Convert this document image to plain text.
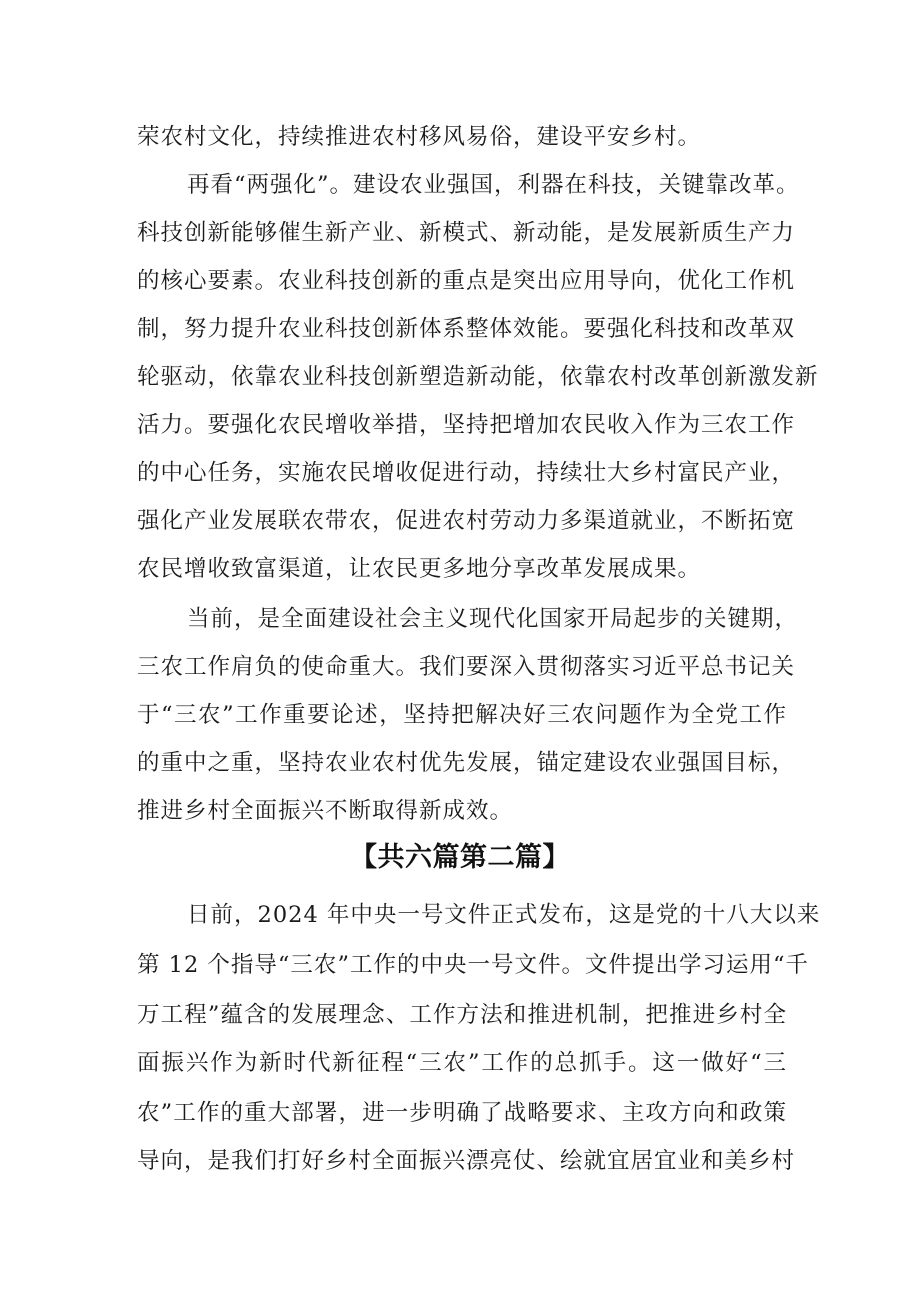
荣农村文化，持续推进农村移风易俗，建设平安乡村。
再看“两强化”。建设农业强国，利器在科技，关键靠改革。
科技创新能够催生新产业、新模式、新动能，是发展新质生产力
的核心要素。农业科技创新的重点是突出应用导向，优化工作机
制，努力提升农业科技创新体系整体效能。要强化科技和改革双
轮驱动，依靠农业科技创新塑造新动能，依靠农村改革创新激发新
活力。要强化农民增收举措，坚持把增加农民收入作为三农工作
的中心任务，实施农民增收促进行动，持续壮大乡村富民产业，
强化产业发展联农带农，促进农村劳动力多渠道就业，不断拓宽
农民增收致富渠道，让农民更多地分享改革发展成果。
当前，是全面建设社会主义现代化国家开局起步的关键期，
三农工作肩负的使命重大。我们要深入贯彻落实习近平总书记关
于“三农”工作重要论述，坚持把解决好三农问题作为全党工作
的重中之重，坚持农业农村优先发展，锚定建设农业强国目标，
推进乡村全面振兴不断取得新成效。
【共六篇第二篇】
日前，2024 年中央一号文件正式发布，这是党的十八大以来
第 12 个指导“三农”工作的中央一号文件。文件提出学习运用“千
万工程”蕴含的发展理念、工作方法和推进机制，把推进乡村全
面振兴作为新时代新征程“三农”工作的总抓手。这一做好“三
农”工作的重大部署，进一步明确了战略要求、主攻方向和政策
导向，是我们打好乡村全面振兴漂亮仗、绘就宜居宜业和美乡村
